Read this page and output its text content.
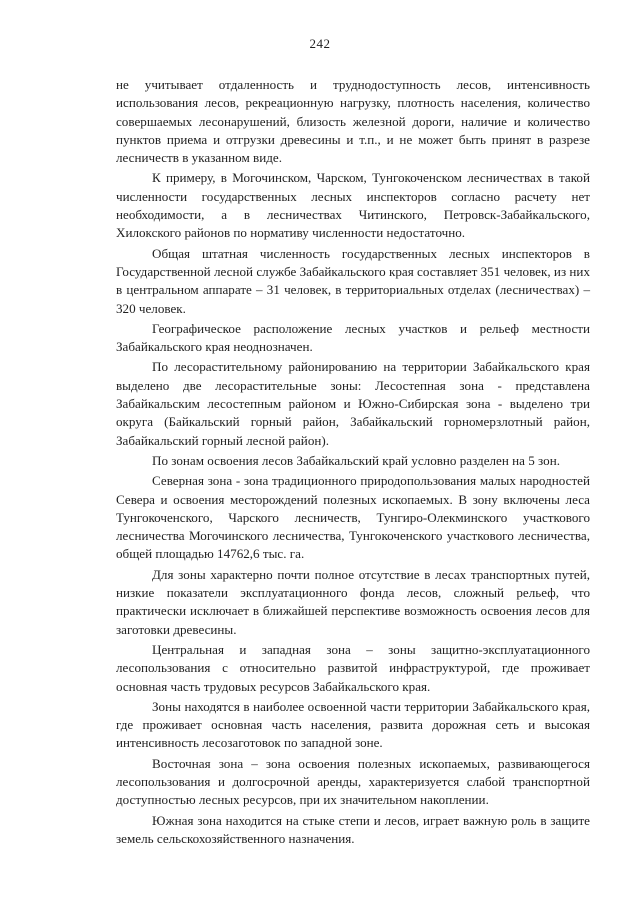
242

не учитывает отдаленность и труднодоступность лесов, интенсивность использования лесов, рекреационную нагрузку, плотность населения, количество совершаемых лесонарушений, близость железной дороги, наличие и количество пунктов приема и отгрузки древесины и т.п., и не может быть принят в разрезе лесничеств в указанном виде.

К примеру, в Могочинском, Чарском, Тунгокоченском лесничествах в такой численности государственных лесных инспекторов согласно расчету нет необходимости, а в лесничествах Читинского, Петровск-Забайкальского, Хилокского районов по нормативу численности недостаточно.

Общая штатная численность государственных лесных инспекторов в Государственной лесной службе Забайкальского края составляет 351 человек, из них в центральном аппарате – 31 человек, в территориальных отделах (лесничествах) – 320 человек.

Географическое расположение лесных участков и рельеф местности Забайкальского края неоднозначен.

По лесорастительному районированию на территории Забайкальского края выделено две лесорастительные зоны: Лесостепная зона - представлена Забайкальским лесостепным районом и Южно-Сибирская зона - выделено три округа (Байкальский горный район, Забайкальский горномерзлотный район, Забайкальский горный лесной район).

По зонам освоения лесов Забайкальский край условно разделен на 5 зон.

Северная зона - зона традиционного природопользования малых народностей Севера и освоения месторождений полезных ископаемых. В зону включены леса Тунгокоченского, Чарского лесничеств, Тунгиро-Олекминского участкового лесничества Могочинского лесничества, Тунгокоченского участкового лесничества, общей площадью 14762,6 тыс. га.

Для зоны характерно почти полное отсутствие в лесах транспортных путей, низкие показатели эксплуатационного фонда лесов, сложный рельеф, что практически исключает в ближайшей перспективе возможность освоения лесов для заготовки древесины.

Центральная и западная зона – зоны защитно-эксплуатационного лесопользования с относительно развитой инфраструктурой, где проживает основная часть трудовых ресурсов Забайкальского края.

Зоны находятся в наиболее освоенной части территории Забайкальского края, где проживает основная часть населения, развита дорожная сеть и высокая интенсивность лесозаготовок по западной зоне.

Восточная зона – зона освоения полезных ископаемых, развивающегося лесопользования и долгосрочной аренды, характеризуется слабой транспортной доступностью лесных ресурсов, при их значительном накоплении.

Южная зона находится на стыке степи и лесов, играет важную роль в защите земель сельскохозяйственного назначения.
